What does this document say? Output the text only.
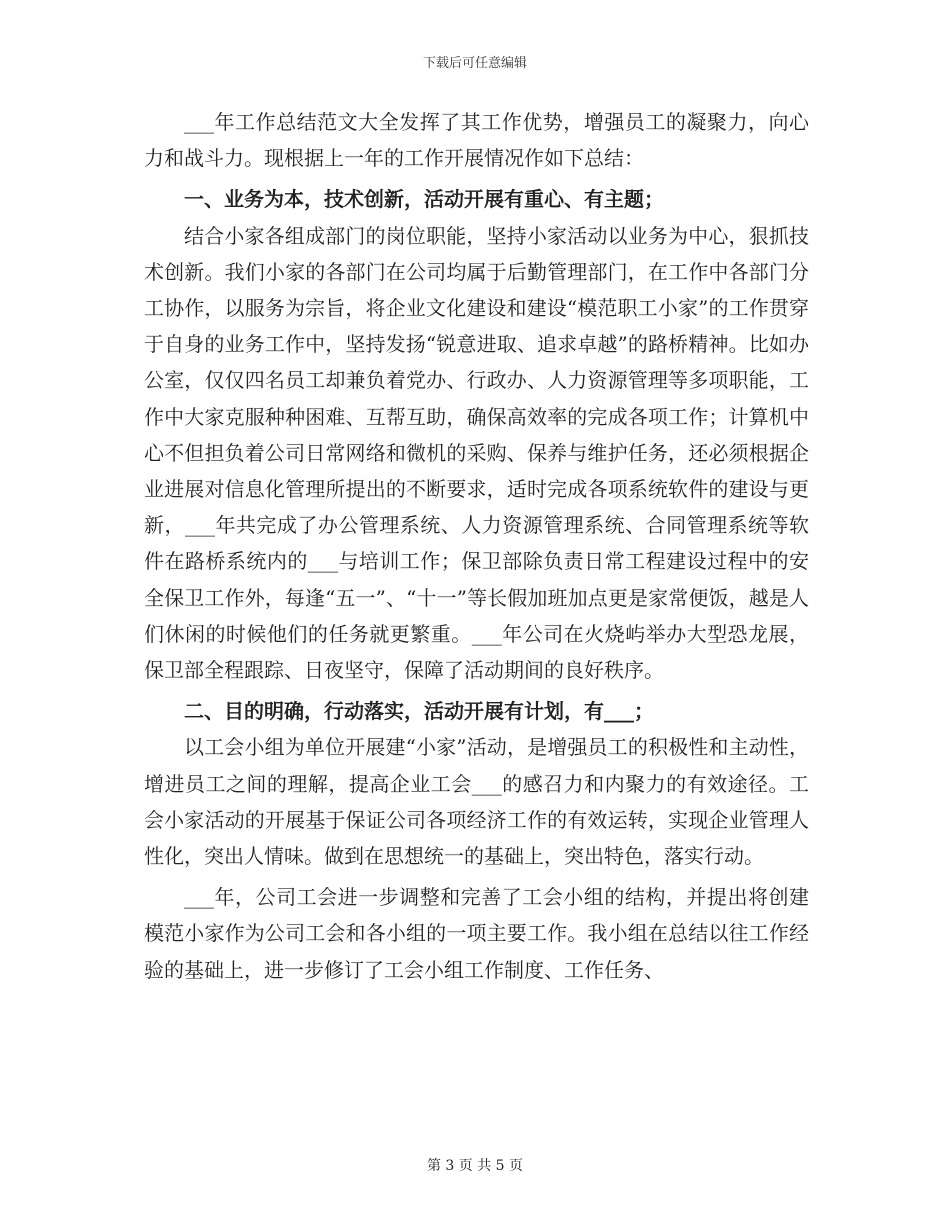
下载后可任意编辑

___年工作总结范文大全发挥了其工作优势，增强员工的凝聚力，向心力和战斗力。现根据上一年的工作开展情况作如下总结：

一、业务为本，技术创新，活动开展有重心、有主题；

结合小家各组成部门的岗位职能，坚持小家活动以业务为中心，狠抓技术创新。我们小家的各部门在公司均属于后勤管理部门，在工作中各部门分工协作，以服务为宗旨，将企业文化建设和建设“模范职工小家”的工作贯穿于自身的业务工作中，坚持发扬“锐意进取、追求卓越”的路桥精神。比如办公室，仅仅四名员工却兼负着党办、行政办、人力资源管理等多项职能，工作中大家克服种种困难、互帮互助，确保高效率的完成各项工作；计算机中心不但担负着公司日常网络和微机的采购、保养与维护任务，还必须根据企业进展对信息化管理所提出的不断要求，适时完成各项系统软件的建设与更新，___年共完成了办公管理系统、人力资源管理系统、合同管理系统等软件在路桥系统内的___与培训工作；保卫部除负责日常工程建设过程中的安全保卫工作外，每逢“五一”、“十一”等长假加班加点更是家常便饭，越是人们休闲的时候他们的任务就更繁重。___年公司在火烧屿举办大型恐龙展，保卫部全程跟踪、日夜坚守，保障了活动期间的良好秩序。

二、目的明确，行动落实，活动开展有计划，有___；

以工会小组为单位开展建“小家”活动，是增强员工的积极性和主动性，增进员工之间的理解，提高企业工会___的感召力和内聚力的有效途径。工会小家活动的开展基于保证公司各项经济工作的有效运转，实现企业管理人性化，突出人情味。做到在思想统一的基础上，突出特色，落实行动。

___年，公司工会进一步调整和完善了工会小组的结构，并提出将创建模范小家作为公司工会和各小组的一项主要工作。我小组在总结以往工作经验的基础上，进一步修订了工会小组工作制度、工作任务、

第 3 页 共 5 页
